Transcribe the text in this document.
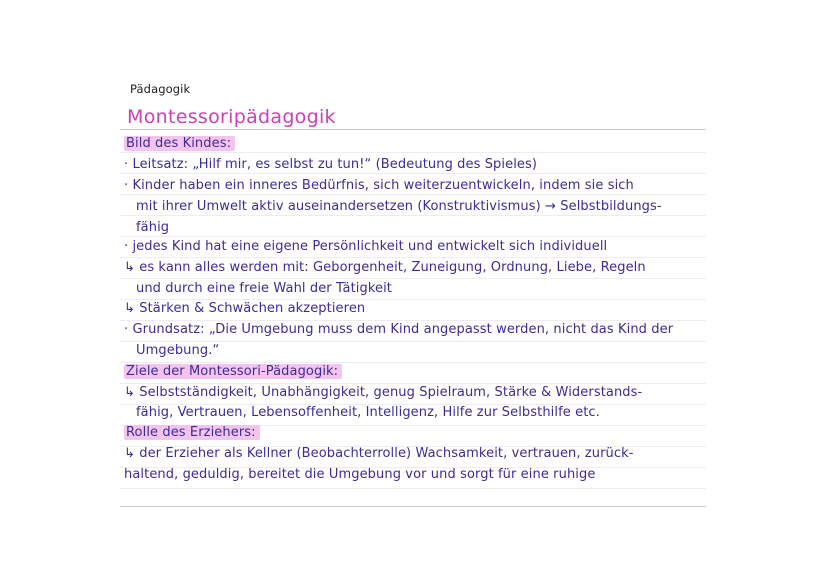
Pädagogik
Montessoripädagogik
Bild des Kindes:
· Leitsatz: „Hilf mir, es selbst zu tun!“ (Bedeutung des Spieles)
· Kinder haben ein inneres Bedürfnis, sich weiterzuentwickeln, indem sie sich
mit ihrer Umwelt aktiv auseinandersetzen (Konstruktivismus) → Selbstbildungs-
fähig
· jedes Kind hat eine eigene Persönlichkeit und entwickelt sich individuell
↳ es kann alles werden mit: Geborgenheit, Zuneigung, Ordnung, Liebe, Regeln
und durch eine freie Wahl der Tätigkeit
↳ Stärken & Schwächen akzeptieren
· Grundsatz: „Die Umgebung muss dem Kind angepasst werden, nicht das Kind der
Umgebung.“
Ziele der Montessori-Pädagogik:
↳ Selbstständigkeit, Unabhängigkeit, genug Spielraum, Stärke & Widerstands-
fähig, Vertrauen, Lebensoffenheit, Intelligenz, Hilfe zur Selbsthilfe etc.
Rolle des Erziehers:
↳ der Erzieher als Kellner (Beobachterrolle) Wachsamkeit, vertrauen, zurück-
haltend, geduldig, bereitet die Umgebung vor und sorgt für eine ruhige
